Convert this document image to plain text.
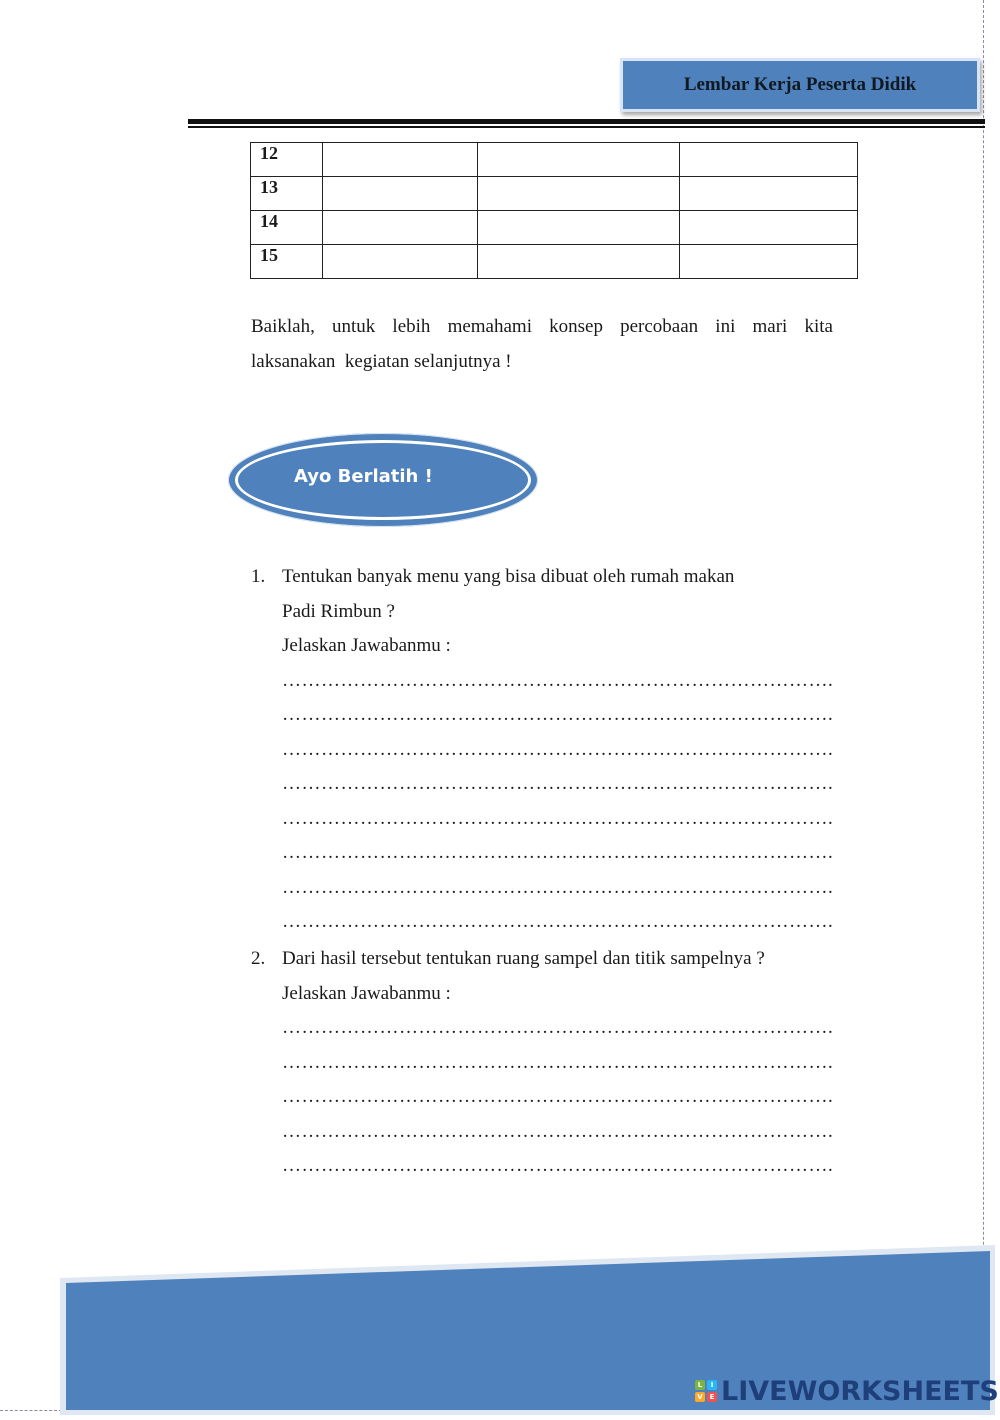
Lembar Kerja Peserta Didik
12			
13			
14			
15			
Baiklah, untuk lebih memahami konsep percobaan ini mari kita
laksanakan  kegiatan selanjutnya !
Ayo Berlatih !
1. Tentukan banyak menu yang bisa dibuat oleh rumah makan
Padi Rimbun ?
Jelaskan Jawabanmu :
………………………………………………………………………….
………………………………………………………………………….
………………………………………………………………………….
………………………………………………………………………….
………………………………………………………………………….
………………………………………………………………………….
………………………………………………………………………….
………………………………………………………………………….
2. Dari hasil tersebut tentukan ruang sampel dan titik sampelnya ?
Jelaskan Jawabanmu :
………………………………………………………………………….
………………………………………………………………………….
………………………………………………………………………….
………………………………………………………………………….
………………………………………………………………………….
L	I
V E LIVEWORKSHEETS
